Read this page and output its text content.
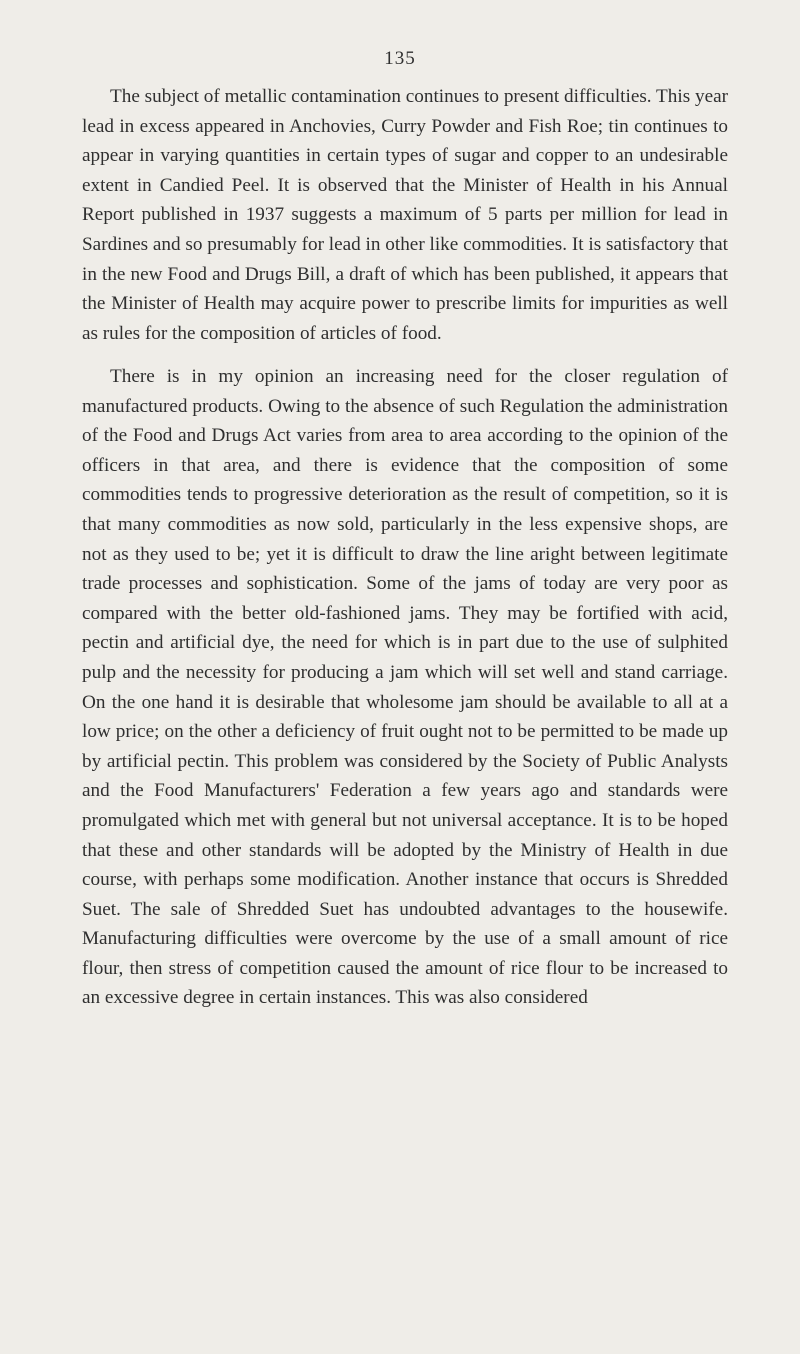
135

The subject of metallic contamination continues to present difficulties. This year lead in excess appeared in Anchovies, Curry Powder and Fish Roe; tin continues to appear in varying quantities in certain types of sugar and copper to an undesirable extent in Candied Peel. It is observed that the Minister of Health in his Annual Report published in 1937 suggests a maximum of 5 parts per million for lead in Sardines and so presumably for lead in other like commodities. It is satisfactory that in the new Food and Drugs Bill, a draft of which has been published, it appears that the Minister of Health may acquire power to prescribe limits for impurities as well as rules for the composition of articles of food.

There is in my opinion an increasing need for the closer regulation of manufactured products. Owing to the absence of such Regulation the administration of the Food and Drugs Act varies from area to area according to the opinion of the officers in that area, and there is evidence that the composition of some commodities tends to progressive deterioration as the result of competition, so it is that many commodities as now sold, particularly in the less expensive shops, are not as they used to be; yet it is difficult to draw the line aright between legitimate trade processes and sophistication. Some of the jams of today are very poor as compared with the better old-fashioned jams. They may be fortified with acid, pectin and artificial dye, the need for which is in part due to the use of sulphited pulp and the necessity for producing a jam which will set well and stand carriage. On the one hand it is desirable that wholesome jam should be available to all at a low price; on the other a deficiency of fruit ought not to be permitted to be made up by artificial pectin. This problem was considered by the Society of Public Analysts and the Food Manufacturers' Federation a few years ago and standards were promulgated which met with general but not universal acceptance. It is to be hoped that these and other standards will be adopted by the Ministry of Health in due course, with perhaps some modification. Another instance that occurs is Shredded Suet. The sale of Shredded Suet has undoubted advantages to the housewife. Manufacturing difficulties were overcome by the use of a small amount of rice flour, then stress of competition caused the amount of rice flour to be increased to an excessive degree in certain instances. This was also considered
